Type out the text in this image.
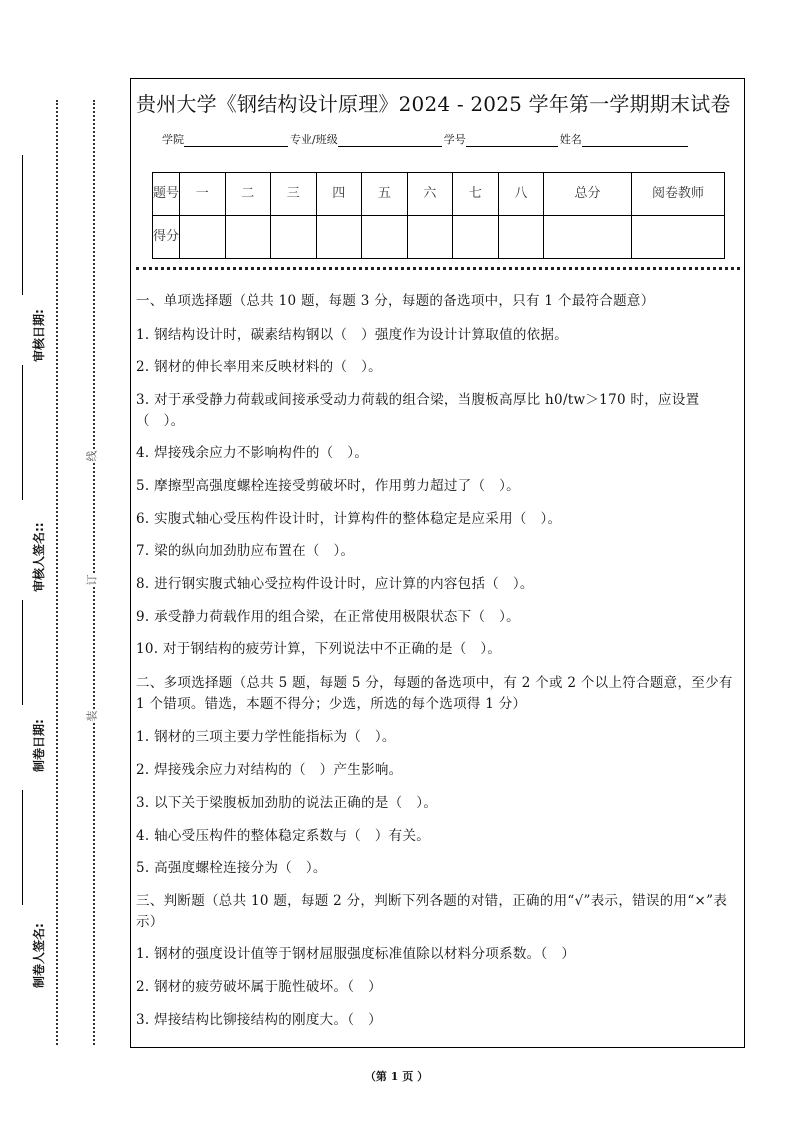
审核日期:
审核人签名::
制卷日期:
制卷人签名:
线
订
装
贵州大学《钢结构设计原理》2024 - 2025 学年第一学期期末试卷
学院	专业/班级	学号	姓名
题号	一	二	三	四	五	六	七	八	总分	阅卷教师
得分										
一、单项选择题（总共 10 题，每题 3 分，每题的备选项中，只有 1 个最符合题意）
1. 钢结构设计时，碳素结构钢以（　）强度作为设计计算取值的依据。
2. 钢材的伸长率用来反映材料的（　）。
3. 对于承受静力荷载或间接承受动力荷载的组合梁，当腹板高厚比 h0/tw＞170 时，应设置（　）。
4. 焊接残余应力不影响构件的（　）。
5. 摩擦型高强度螺栓连接受剪破坏时，作用剪力超过了（　）。
6. 实腹式轴心受压构件设计时，计算构件的整体稳定是应采用（　）。
7. 梁的纵向加劲肋应布置在（　）。
8. 进行钢实腹式轴心受拉构件设计时，应计算的内容包括（　）。
9. 承受静力荷载作用的组合梁，在正常使用极限状态下（　）。
10. 对于钢结构的疲劳计算，下列说法中不正确的是（　）。
二、多项选择题（总共 5 题，每题 5 分，每题的备选项中，有 2 个或 2 个以上符合题意，至少有 1 个错项。错选，本题不得分；少选，所选的每个选项得 1 分）
1. 钢材的三项主要力学性能指标为（　）。
2. 焊接残余应力对结构的（　）产生影响。
3. 以下关于梁腹板加劲肋的说法正确的是（　）。
4. 轴心受压构件的整体稳定系数与（　）有关。
5. 高强度螺栓连接分为（　）。
三、判断题（总共 10 题，每题 2 分，判断下列各题的对错，正确的用“√”表示，错误的用“×”表示）
1. 钢材的强度设计值等于钢材屈服强度标准值除以材料分项系数。（　）
2. 钢材的疲劳破坏属于脆性破坏。（　）
3. 焊接结构比铆接结构的刚度大。（　）
（第 1 页 ）
